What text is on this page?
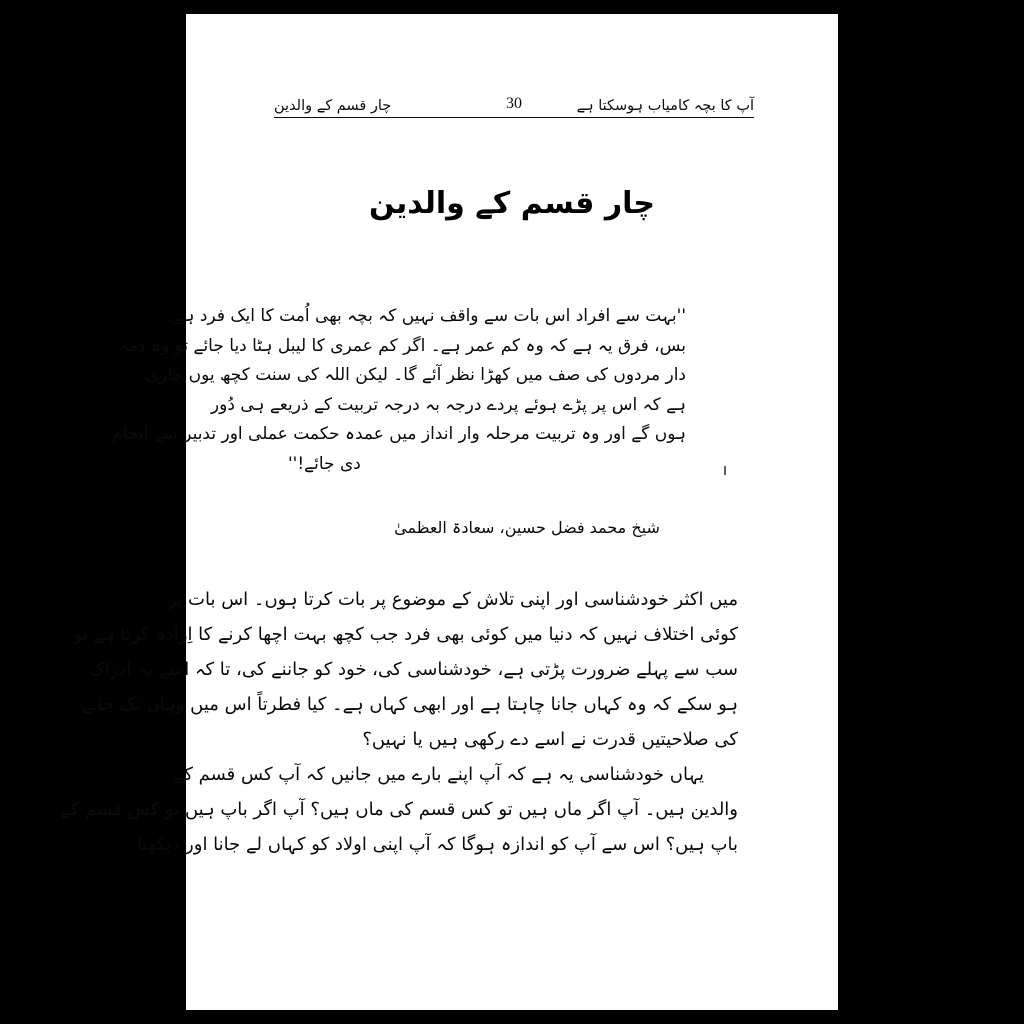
آپ کا بچہ کامیاب ہوسکتا ہے
30
چار قسم کے والدین
چار قسم کے والدین
''بہت سے افراد اس بات سے واقف نہیں کہ بچہ بھی اُمت کا ایک فرد ہے۔
بس، فرق یہ ہے کہ وہ کم عمر ہے۔ اگر کم عمری کا لیبل ہٹا دیا جائے تو وہ ذمہ
دار مردوں کی صف میں کھڑا نظر آئے گا۔ لیکن اللہ کی سنت کچھ یوں جاری
ہے کہ اس پر پڑے ہوئے پردے درجہ بہ درجہ تربیت کے ذریعے ہی دُور
ہوں گے اور وہ تربیت مرحلہ وار انداز میں عمدہ حکمت عملی اور تدبیر سے انجام
دی جائے!''
شیخ محمد فضل حسین، سعادۃ العظمیٰ

میں اکثر خودشناسی اور اپنی تلاش کے موضوع پر بات کرتا ہوں۔ اس بات پر
کوئی اختلاف نہیں کہ دنیا میں کوئی بھی فرد جب کچھ بہت اچھا کرنے کا اِرادہ کرتا ہے تو
سب سے پہلے ضرورت پڑتی ہے، خودشناسی کی، خود کو جاننے کی، تا کہ اسے یہ ادراک
ہو سکے کہ وہ کہاں جانا چاہتا ہے اور ابھی کہاں ہے۔ کیا فطرتاً اس میں وہاں تک جانے
کی صلاحیتیں قدرت نے اسے دے رکھی ہیں یا نہیں؟

یہاں خودشناسی یہ ہے کہ آپ اپنے بارے میں جانیں کہ آپ کس قسم کے
والدین ہیں۔ آپ اگر ماں ہیں تو کس قسم کی ماں ہیں؟ آپ اگر باپ ہیں تو کس قسم کے
باپ ہیں؟ اس سے آپ کو اندازہ ہوگا کہ آپ اپنی اولاد کو کہاں لے جانا اور دیکھنا
